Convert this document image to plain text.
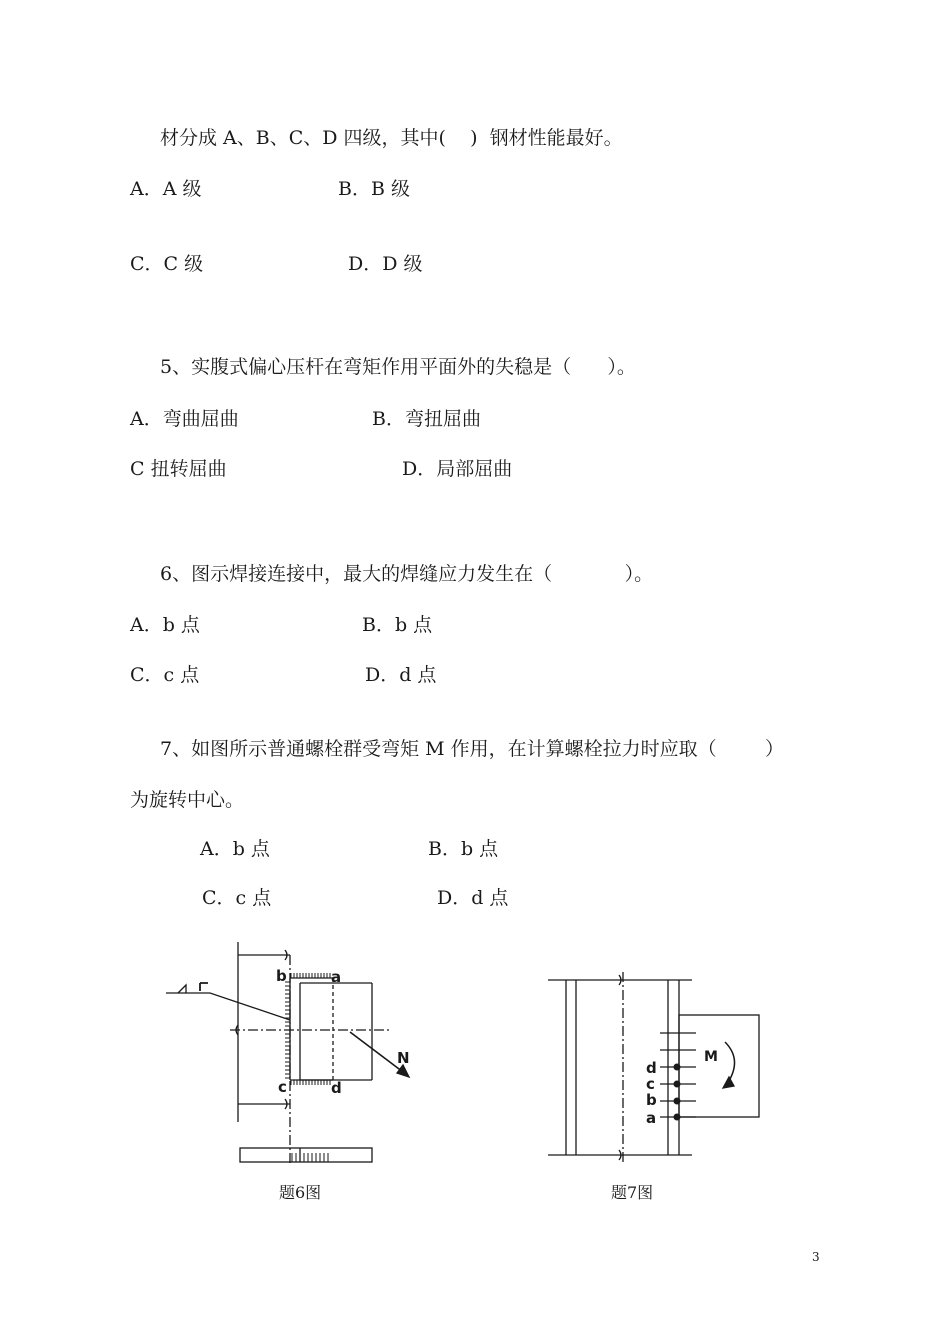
材分成 A、B、C、D 四级，其中(    )  钢材性能最好。
A．A 级	B．B 级
C．C 级	D．D 级
5、实腹式偏心压杆在弯矩作用平面外的失稳是（      ）。
A．弯曲屈曲	B．弯扭屈曲
C 扭转屈曲	D．局部屈曲
6、图示焊接连接中，最大的焊缝应力发生在（            ）。
A．b 点	B．b 点
C．c 点	D．d 点
7、如图所示普通螺栓群受弯矩 M 作用，在计算螺栓拉力时应取（        ）
为旋转中心。
A．b 点	B．b 点
C．c 点	D．d 点
b	a
c	d
N
d
c
b
a
M
题6图	题7图
3
